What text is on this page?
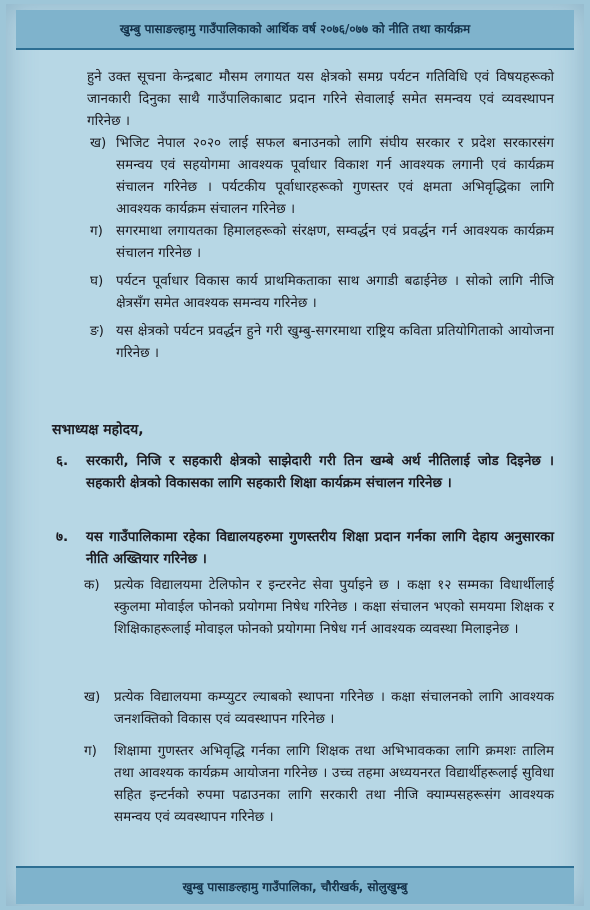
खुम्बु पासाङल्हामु गाउँपालिकाको आर्थिक वर्ष २०७६/०७७ को नीति तथा कार्यक्रम
हुने उक्त सूचना केन्द्रबाट मौसम लगायत यस क्षेत्रको समग्र पर्यटन गतिविधि एवं विषयहरूको जानकारी दिनुका साथै गाउँपालिकाबाट प्रदान गरिने सेवालाई समेत समन्वय एवं व्यवस्थापन गरिनेछ ।
ख) भिजिट नेपाल २०२० लाई सफल बनाउनको लागि संघीय सरकार र प्रदेश सरकारसंग समन्वय एवं सहयोगमा आवश्यक पूर्वाधार विकाश गर्न आवश्यक लगानी एवं कार्यक्रम संचालन गरिनेछ । पर्यटकीय पूर्वाधारहरूको गुणस्तर एवं क्षमता अभिवृद्धिका लागि आवश्यक कार्यक्रम संचालन गरिनेछ ।
ग) सगरमाथा लगायतका हिमालहरूको संरक्षण, सम्वर्द्धन एवं प्रवर्द्धन गर्न आवश्यक कार्यक्रम संचालन गरिनेछ ।
घ) पर्यटन पूर्वाधार विकास कार्य प्राथमिकताका साथ अगाडी बढाईनेछ । सोको लागि नीजि क्षेत्रसँग समेत आवश्यक समन्वय गरिनेछ ।
ङ) यस क्षेत्रको पर्यटन प्रवर्द्धन हुने गरी खुम्बु-सगरमाथा राष्ट्रिय कविता प्रतियोगिताको आयोजना गरिनेछ ।
सभाध्यक्ष महोदय,
६. सरकारी, निजि र सहकारी क्षेत्रको साझेदारी गरी तिन खम्बे अर्थ नीतिलाई जोड दिइनेछ । सहकारी क्षेत्रको विकासका लागि सहकारी शिक्षा कार्यक्रम संचालन गरिनेछ ।
७. यस गाउँपालिकामा रहेका विद्यालयहरुमा गुणस्तरीय शिक्षा प्रदान गर्नका लागि देहाय अनुसारका नीति अख्तियार गरिनेछ ।
क) प्रत्येक विद्यालयमा टेलिफोन र इन्टरनेट सेवा पुर्याइने छ । कक्षा १२ सम्मका विधार्थीलाई स्कुलमा मोवाईल फोनको प्रयोगमा निषेध गरिनेछ । कक्षा संचालन भएको समयमा शिक्षक र शिक्षिकाहरूलाई मोवाइल फोनको प्रयोगमा निषेध गर्न आवश्यक व्यवस्था मिलाइनेछ ।
ख) प्रत्येक विद्यालयमा कम्प्युटर ल्याबको स्थापना गरिनेछ । कक्षा संचालनको लागि आवश्यक जनशक्तिको विकास एवं व्यवस्थापन गरिनेछ ।
ग) शिक्षामा गुणस्तर अभिवृद्धि गर्नका लागि शिक्षक तथा अभिभावकका लागि क्रमशः तालिम तथा आवश्यक कार्यक्रम आयोजना गरिनेछ । उच्च तहमा अध्ययनरत विद्यार्थीहरूलाई सुविधा सहित इन्टर्नको रुपमा पढाउनका लागि सरकारी तथा नीजि क्याम्पसहरूसंग आवश्यक समन्वय एवं व्यवस्थापन गरिनेछ ।
खुम्बु पासाङल्हामु गाउँपालिका, चौरीखर्क, सोलुखुम्बु
